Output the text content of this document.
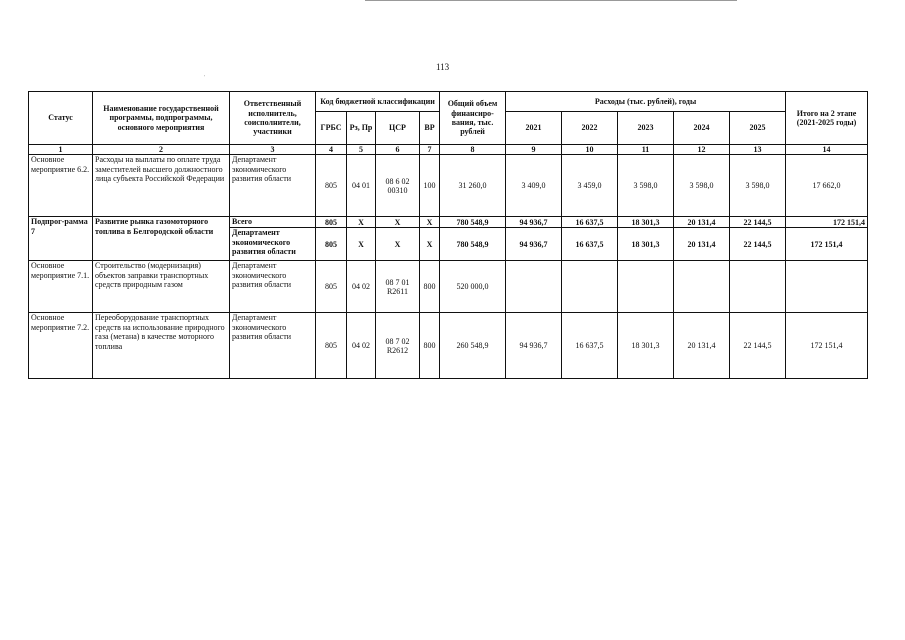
113
'
Статус	Наименование государственной программы, подпрограммы, основного мероприятия	Ответственный исполнитель, соисполнители, участники	Код бюджетной классификации				Общий объем финансиро-вания, тыс. рублей	Расходы (тыс. рублей), годы					Итого на 2 этапе (2021-2025 годы)
			ГРБС	Рз, Пр	ЦСР	ВР		2021	2022	2023	2024	2025	
1	2	3	4	5	6	7	8	9	10	11	12	13	14
Основное мероприятие 6.2.	Расходы на выплаты по оплате труда заместителей высшего должностного лица субъекта Российской Федерации	Департамент экономического развития области	805	04 01	08 6 02 00310	100	31 260,0	3 409,0	3 459,0	3 598,0	3 598,0	3 598,0	17 662,0
Подпрог-рамма 7	Развитие рынка газомоторного топлива в Белгородской области	Всего	805	X	X	X	780 548,9	94 936,7	16 637,5	18 301,3	20 131,4	22 144,5	172 151,4
		Департамент экономического развития области	805	X	X	X	780 548,9	94 936,7	16 637,5	18 301,3	20 131,4	22 144,5	172 151,4
Основное мероприятие 7.1.	Строительство (модернизация) объектов заправки транспортных средств природным газом	Департамент экономического развития области	805	04 02	08 7 01 R2611	800	520 000,0						
Основное мероприятие 7.2.	Переоборудование транспортных средств на использование природного газа (метана) в качестве моторного топлива	Департамент экономического развития области	805	04 02	08 7 02 R2612	800	260 548,9	94 936,7	16 637,5	18 301,3	20 131,4	22 144,5	172 151,4
